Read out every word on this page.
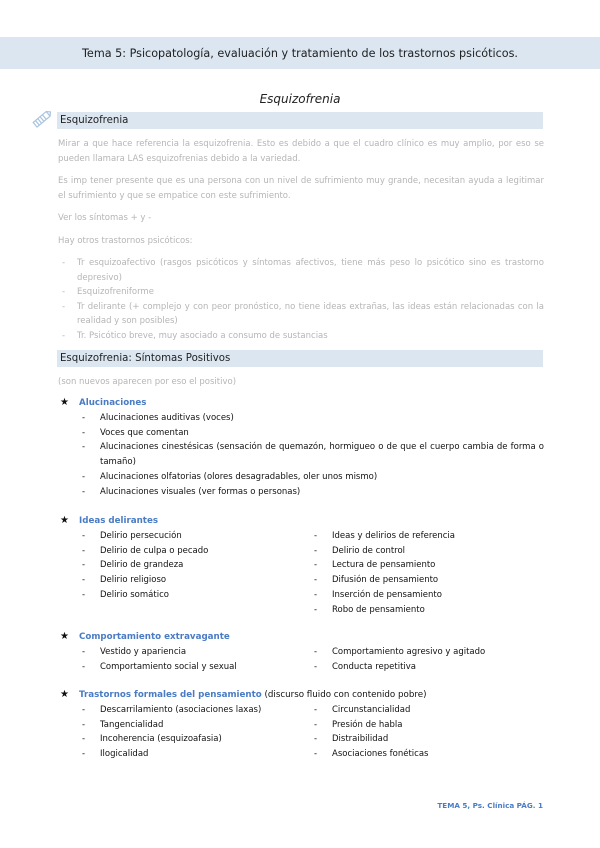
Tema 5: Psicopatología, evaluación y tratamiento de los trastornos psicóticos.
Esquizofrenia
Esquizofrenia
Mirar a que hace referencia la esquizofrenia. Esto es debido a que el cuadro clínico es muy amplio, por eso se pueden llamara LAS esquizofrenias debido a la variedad.
Es imp tener presente que es una persona con un nivel de sufrimiento muy grande, necesitan ayuda a legitimar el sufrimiento y que se empatice con este sufrimiento.
Ver los síntomas + y -
Hay otros trastornos psicóticos:
- Tr esquizoafectivo (rasgos psicóticos y síntomas afectivos, tiene más peso lo psicótico sino es trastorno depresivo)
- Esquizofreniforme
- Tr delirante (+ complejo y con peor pronóstico, no tiene ideas extrañas, las ideas están relacionadas con la realidad y son posibles)
- Tr. Psicótico breve, muy asociado a consumo de sustancias
Esquizofrenia: Síntomas Positivos
(son nuevos aparecen por eso el positivo)
★ Alucinaciones
- Alucinaciones auditivas (voces)
- Voces que comentan
- Alucinaciones cinestésicas (sensación de quemazón, hormigueo o de que el cuerpo cambia de forma o tamaño)
- Alucinaciones olfatorias (olores desagradables, oler unos mismo)
- Alucinaciones visuales (ver formas o personas)
★ Ideas delirantes
- Delirio persecución
- Delirio de culpa o pecado
- Delirio de grandeza
- Delirio religioso
- Delirio somático
- Ideas y delirios de referencia
- Delirio de control
- Lectura de pensamiento
- Difusión de pensamiento
- Inserción de pensamiento
- Robo de pensamiento
★ Comportamiento extravagante
- Vestido y apariencia
- Comportamiento social y sexual
- Comportamiento agresivo y agitado
- Conducta repetitiva
★ Trastornos formales del pensamiento (discurso fluido con contenido pobre)
- Descarrilamiento (asociaciones laxas)
- Tangencialidad
- Incoherencia (esquizoafasia)
- Ilogicalidad
- Circunstancialidad
- Presión de habla
- Distraibilidad
- Asociaciones fonéticas
TEMA 5, Ps. Clínica PÁG. 1
